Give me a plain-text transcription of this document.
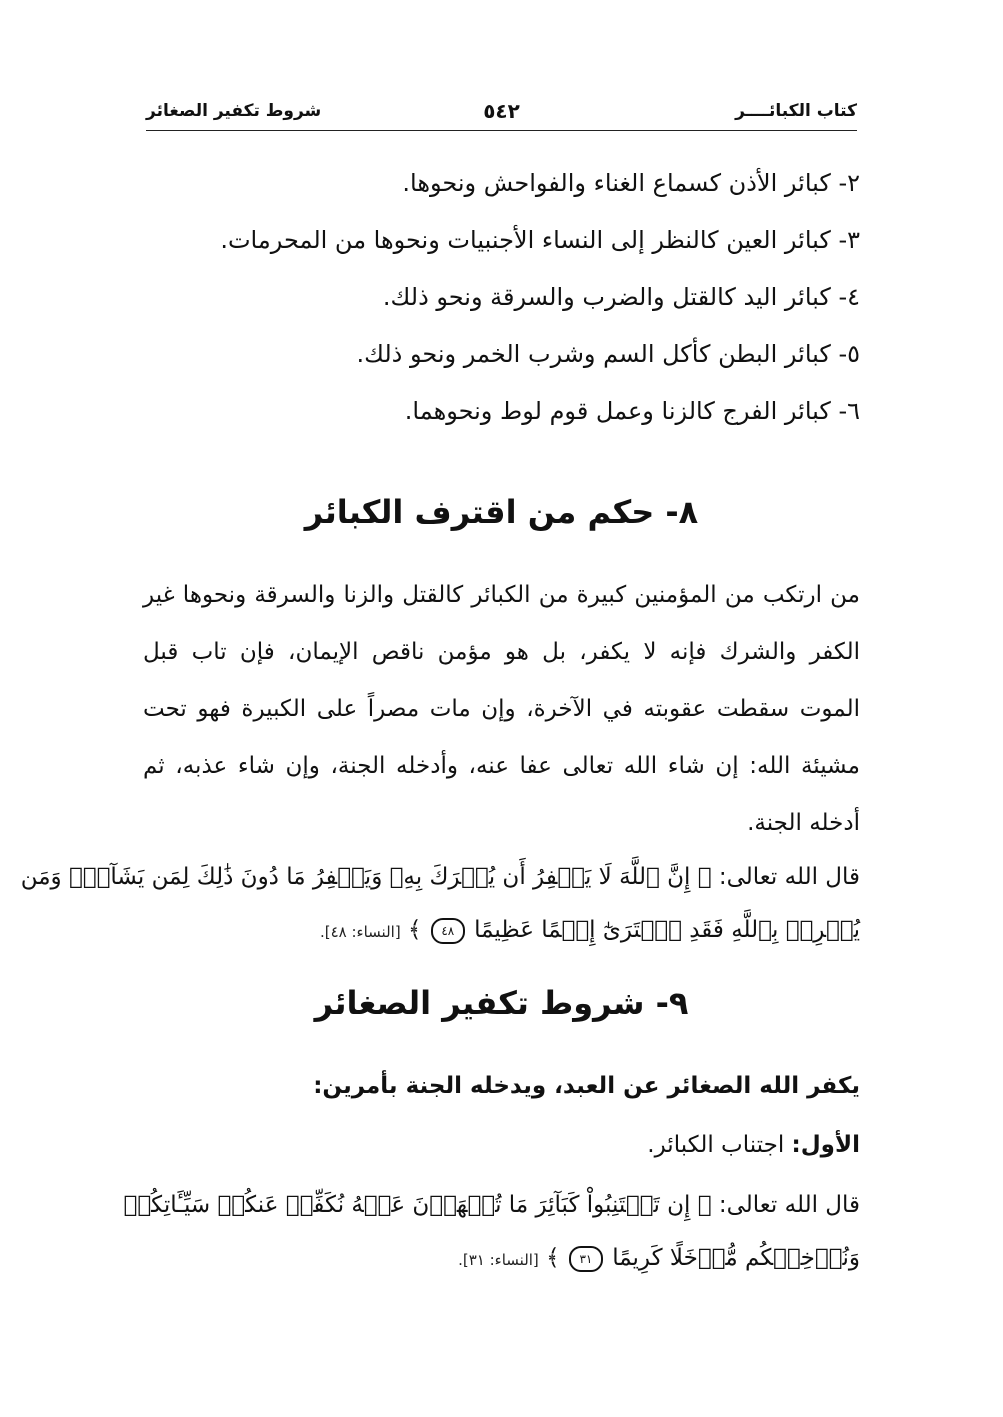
كتاب الكبائــــر
٥٤٢
شروط تكفير الصغائر
٢- كبائر الأذن كسماع الغناء والفواحش ونحوها.
٣- كبائر العين كالنظر إلى النساء الأجنبيات ونحوها من المحرمات.
٤- كبائر اليد كالقتل والضرب والسرقة ونحو ذلك.
٥- كبائر البطن كأكل السم وشرب الخمر ونحو ذلك.
٦- كبائر الفرج كالزنا وعمل قوم لوط ونحوهما.
٨- حكم من اقترف الكبائر
من ارتكب من المؤمنين كبيرة من الكبائر كالقتل والزنا والسرقة ونحوها غير
الكفر والشرك فإنه لا يكفر، بل هو مؤمن ناقص الإيمان، فإن تاب قبل
الموت سقطت عقوبته في الآخرة، وإن مات مصراً على الكبيرة فهو تحت
مشيئة الله: إن شاء الله تعالى عفا عنه، وأدخله الجنة، وإن شاء عذبه، ثم
أدخله الجنة.
قال الله تعالى: ﴿ إِنَّ ٱللَّهَ لَا يَغۡفِرُ أَن يُشۡرَكَ بِهِۦ وَيَغۡفِرُ مَا دُونَ ذَٰلِكَ لِمَن يَشَآءُۚ وَمَن
يُشۡرِكۡ بِٱللَّهِ فَقَدِ ٱفۡتَرَىٰٓ إِثۡمًا عَظِيمًا ٤٨ ﴾ [النساء: ٤٨].
٩- شروط تكفير الصغائر
يكفر الله الصغائر عن العبد، ويدخله الجنة بأمرين:
الأول: اجتناب الكبائر.
قال الله تعالى: ﴿ إِن تَجۡتَنِبُواْ كَبَآئِرَ مَا تُنۡهَوۡنَ عَنۡهُ نُكَفِّرۡ عَنكُمۡ سَيِّـَٔاتِكُمۡ
وَنُدۡخِلۡكُم مُّدۡخَلًا كَرِيمًا ٣١ ﴾ [النساء: ٣١].
